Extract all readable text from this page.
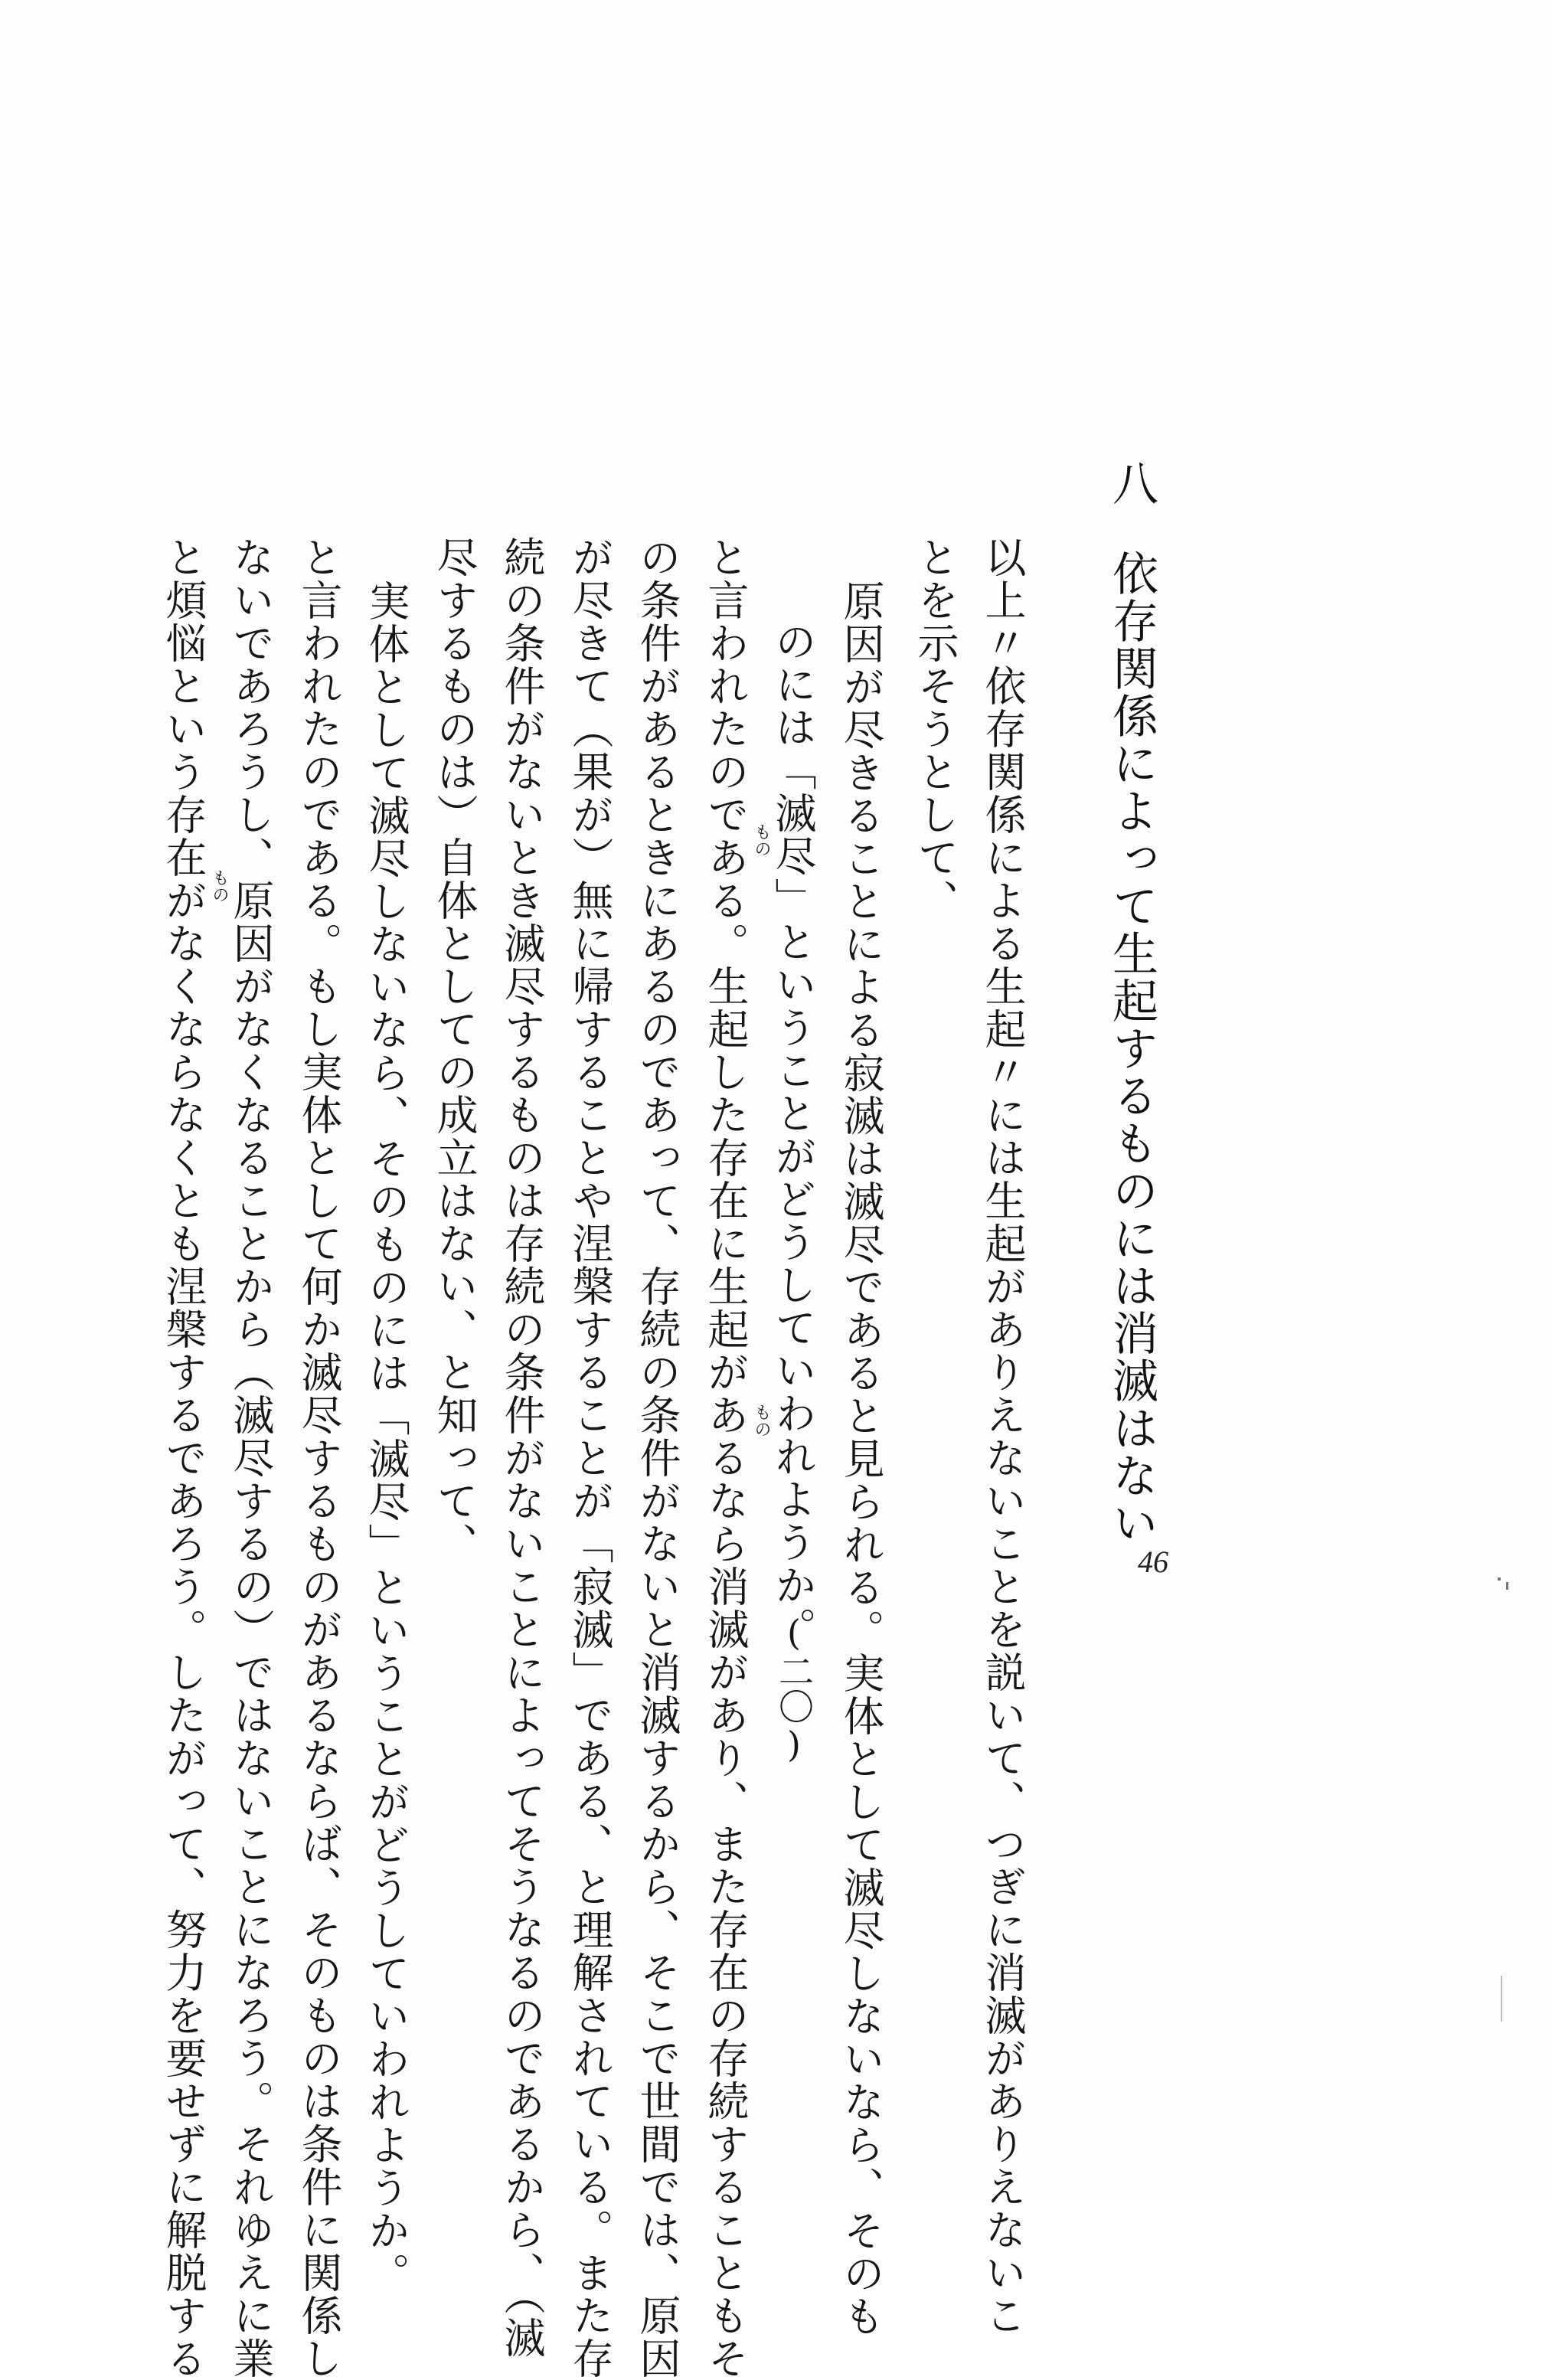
八
依存関係によって生起するものには消滅はない
以上〃依存関係による生起〃には生起がありえないことを説いて、つぎに消滅がありえないこ
とを示そうとして、
原因が尽きることによる寂滅は滅尽であると見られる。実体として滅尽しないなら、そのも
のには「滅尽」ということがどうしていわれようか。
と言われたのである。生起した存在に生起があるなら消滅があり、また存在の存続することもそ
の条件があるときにあるのであって、存続の条件がないと消滅するから、そこで世間では、原因
が尽きて（果が）無に帰することや涅槃することが「寂滅」である、と理解されている。また存
続の条件がないとき滅尽するものは存続の条件がないことによってそうなるのであるから、（滅
尽するものは）自体としての成立はない、と知って、
実体として滅尽しないなら、そのものには「滅尽」ということがどうしていわれようか。
と言われたのである。もし実体として何か滅尽するものがあるならば、そのものは条件に関係し
ないであろうし、原因がなくなることから（滅尽するの）ではないことになろう。それゆえに業
と煩悩という存在がなくならなくとも涅槃するであろう。したがって、努力を要せずに解脱する	(二〇)
もの
もの
もの
46
